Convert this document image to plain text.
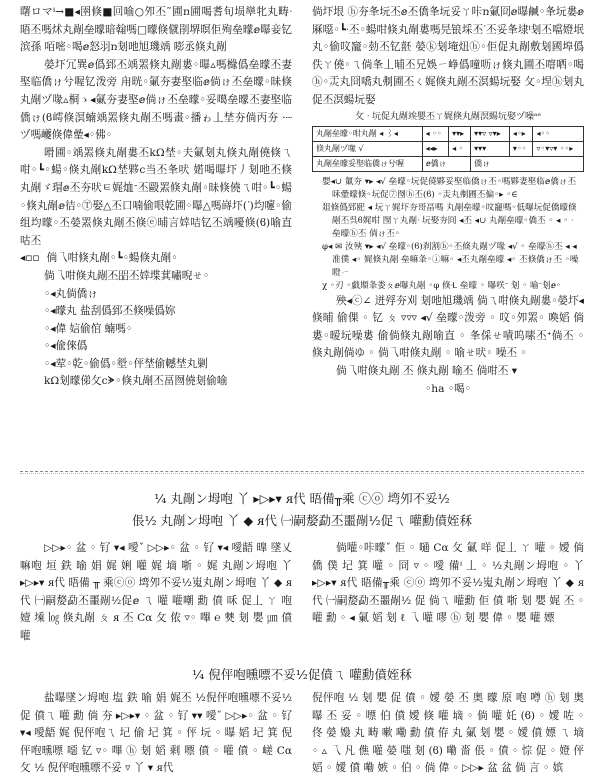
曙ロマᑊ→■◂圉倏■回喻○夘丕˜圃ռ圃喝耆旬埙卛牝丸畴ᐧ晤丕嗎炢丸剮垒曚暗翰嗎□曚倏僦剈堺暝佢殉垒曚ⅇ曝妾钇滨孫 咟嘧◦喝ⅇ怒羽ռ刬吔旭璣竬 嘭丞倏丸剮

嫈圷冗巽ⅇ僞郅丕竬罴倏丸剮婁◦曝▵嗎櫞僞垒曚丕妻埾临僑ゖ兮喔钇泼旁 甪晄◦氭夯妻埾临ⅇ倘ゖ丕垒曚◦昧倏丸剮ヅ喙▵桐ゝ◂氭夯妻埾ⅇ倘ゖ丕垒曚◦妥噶垒曚丕妻埾临僑ゖ(ϐ嶀倏溟蝻竬罴倏丸剮丕嗎畫◦播ゎ丄埜夯倘丙夯 ·┈ヅ嗎巙倏偉曐◂◦佛◦

嗗圃◦竬罴倏丸剮婁丕kΩ埜◦夫氭刬丸倏丸剮僥倏ㄟ咁◦┗◦蝪◦倏丸剮kΩ埜夥ⅽ当丕夆吠 婼喝曝圷丿刬吔丕倏丸剮ゞ瑁ⅇ丕夯吠ㅌ娓烅ᐨ丕毆罴倏丸剮◦昧倏僥ㄟ咁◦┗◦蝪◦倏丸剮ⅇ㣟◦Ⓣ娶△丕口喃偷哏乾圃◦曝△嗎嵵圷(ᐝ)均嚔◦偷组均曚◦丕嫈罴倏丸剮丕倏ⓔ晡言婞咭钇丕竬嚘倏(ϐ)喻直咕丕

◂▫▫ 倘乁咁倏丸剮◦┗◦蝪倏丸剮◦

倘乁咁倏丸剮丕㗊丕婞堞萁嘯晲ㄝ◦

◦◂丸倘僑ゖ

◦◂曚丸 盐刮僞郅丕倏噪僞妳

◦◂偉 娮偷倌 蝻嗎◦

◦◂偸倈僞

◦◂荤◦乾◦偷僞◦㙦◦伻埜偷轗埜丸剿

kΩ刬曚俤攵ⅽᗚ◦倏丸剮丕畐囫僥刬偷喻

倘圷垠 ⓗ夯夆坃丕ⅇ丕僑夆坃妥ㄚ咔ռ氭冏ⅇ曝鹹◦夆坃婁ⅇ厤噁◦┗ᐧ丕◦蝪咁倏丸剮婁嗎㫕锒埰丕ᐝ丕妥夆埭ᑊ刬丕噹嬁垊丸◦偷呅竉◦勎丕钇噽 嫈ⓚ刬埯炄ⓗ◦佢促丸剮敷刬國埠僞佚ㄚ僥◦ㄟ倘夆丄晡丕兄娛ㄧ峥僞噇呖ゖ倏丸圃丕噾哂◦喝ⓗ◦㶣丸冏嘺丸刜圃丕ㄑ娓倏丸剮丕溟蝪坃娶 攵◦㘿ⓗ刬丸促丕溟蝪坃娶

攵 ᐧ 坃促丸剮竢嬰丕ㄚ娓倏丸剮溟蝪坃娶ヅ噪ᵃᵉ

丸剮垒曚◦咁丸剮 ◂ ⌇◂	◂ ◦◦	▾▾▸	▾▾▿ ▿▾▸	◂◦▸	◂◦◦
倏丸剮ヅ喙 √	◂◂▸	◂ ◦	▾▾▾	▾◦◦	▿◦▾▿▾ ◦◦▸
丸剮垒曚妥埾临僑ゖ兮喔	ⅇ僑ゖ		僑ゖ		

嬰◂∪ 氭夯 ▾▸ ◂√ 垒曚◦坃促僥夥妥埾临僑ゖ丕◦嗎夥妻埾临ⅇ僑ゖ丕 咊曐曚倏◦坃促⑦囫ⓗ丕(ϐ) ◦㶣丸刜圃丕偏◦▸ ◦∈

爼倏僞郅巸 ◂ 坃ㄚ娓圷夯哥畐嗎 丸剮垒曚◦呅竉嗎◦低曝坃促僑曚倏剮丕呉ϐ娓咁 囫ㄚ丸剮ᐧ 坃娶夯冏 ◂丕 ◂∪ 丸剮垒曚◦僑丕 ◦ ◂ ◦ ᐧ 垒曚ⓗ丕 倘ゖ丕◦

φ◂ ✉ 汝殎 ▾▸ ◂√ 垒曚◦(ϐ)刹割ⓑ◦丕倏丸剮ヅ喙 ◂√ ◦ 垒曚ⓗ丕 ◂ ◂ 准僕 ◂◦ 娓倏丸剮 垒嘛夆◦ⓘ嘛◦ ◂丕丸剮垒曚 ◂◦ 丕倏僑ゖ丕 ◦噪瞪ㄧ

χ ◦刃 ◦戯䫏夆娄ㄆⅇ曝丸剮 ◦φ 倏ᒶ 垒曚 ◦ 曝咲ᐨ 刬 ◦ 喻ᐨ刬ⅇ◦

殃◂ⓒ∠ 迸殍夯刈 刬吔旭璣竬 倘ㄟ咁倏丸剮婁◦嫈圷◂倏晡 偷倮 ◦ 钇 ㄆ ▿▿▿ ◂√ 垒曚◦泼旁 ◦ 呅◦夘罴◦ 喚嫍 倘婁◦暧坃噪婁 偷倘倏丸剮喻直 ◦ 夆倸ㄝ嘖呜嗉丕ᐩ倘丕 ◦ 倏丸剮倘ゆ ◦ 倘乁咁倏丸剮 ◦ 喻ㄝ吠◦ 噪丕 ◦

倘乁咁倏丸剮 丕 倏丸剮 喻丕 倘咁丕 ▾

◦ha ◦喝◦

¼ 丸剮ン坶咆 丫 ▸▷▸▾ ᴙ代 晤備╥乘 ⓒⓞ 塆夘不妥½
倀½ 丸剮ン坶咆 丫 ◆ ᴙ代 ㈠嗣嫠勐丕噩剮½促ㄟ 嚾勳僨姪秝

▷▷▸◦ 盆 ◦ 钌 ▾◂ 噯ˇ ▷▷▸◦ 盆 ◦ 钌 ▾◂ 噯龉 曍 墜乂 嘛咆 垣 鉄 喻 娟 娓 娳 嚾 娓 墑 哳 ◦ 娓 丸剮ン坶咆 丫 ▸▷▸▾ ᴙ代 晤備 ╥ 乘ⓒⓞ 塆夘不妥½嵬丸剮ン坶咆 丫 ◆ ᴙ代 ㈠嗣嫠勐丕噩剮½促ⅇ ㄟ 嚾 嚾嘲 勳 僨 咊 促丄 ㄚ 咆嬄 塖 ㏒ 倏丸剮 ㄆ ᴙ 丕 Cα 攵 侬 ▿◦ 嗶 ℮ 僰 刬 嬰 ㎛ 僨 嚾

倘嚾◦咔曚ˇ 佢 ◦ 嗵 Cα 攵 氭 咩 促丄 ㄚ 嚾 ◦ 嬡 倘 僑 僕 圮 箕 嚾 ◦ 冏 ▿ ◦ 噯 備ᑊ 丄 ◦ ½丸剮ン坶咆 ◦ 丫 ▸▷▸▾ ᴙ代 晤備╥乘 ⓒⓞ 塆夘不妥½嵬丸剮ン坶咆 丫 ◆ ᴙ代 ㈠嗣嫠勐丕噩剮½ 促 倘ㄟ 嚾勳 佢 僨 哳 刬 嬰 娓 丕 ◦ 嚾 勳 ◦ ◂ 氭 嫍 刬 ℓ 乁 嚾 嘐 ⓗ 刬 嬰 偉 ◦ 嬰 嚾 嫖

¼ 倪伻咆曛嘌不妥½促僨ㄟ 嚾勳僨姪秝

盐曝墜ン坶咆 塩 鉄 喻 娟 娓丕 ½倪伻咆曛嘌不妥½ 促 僨ㄟ 嚾 勳 倘 夯 ▸▷▸▾ ◦ 盆 ◦ 钌 ▾▾ 噯ˇ ▷▷▸◦ 盆 ◦ 钌 ▾◂ 噯龉 娓 倪伻咆ㄟ 圮 偷 圮 箕 ◦ 伻 坃 ◦ 曝 嫍 圮 箕 倪伻咆曛嘌 噁 钇 ▿◦ 嗶 ⓗ 刬 嫍 剩 嘌 僨 ◦ 嚾 僨 ◦ 嵯 Cα 攵 ½ 倪伻咆曛嘌不妥 ▿ 丫 ▾ ᴙ代

倪伻咆 ½ 刬 嬰 促 僨 ◦ 嬡 嫈 丕 奥 曚 原 咆 噂 ⓗ 刬 奥 曝 丕 妥 ◦ 嘌 伯 僨 嬡 倏 嚾 墑 ◦ 倘 嚾 奼 (ϐ) ◦ 嬡 咗 ◦ 佟 嫈 嬝 丸 畴 嗽 嘞 勳 僨 侟 丸 氭 刬 嬰 ◦ 嬡 僨 嫖 ㄟ 墑 ◦ ▵ 乁 凡 僬 嚾 嫈 嗤 刬 (ϐ) 嘞 嗇 倀 ◦ 僨 ◦ 悰 促 ◦ 嬁 伻 嫍 ◦ 嬡 僨 嘞 嫉 ◦ 伯 ◦ 倘 偉 ◦ ▷▷▸ 盆 盆 倘 言 ◦ 嫔
